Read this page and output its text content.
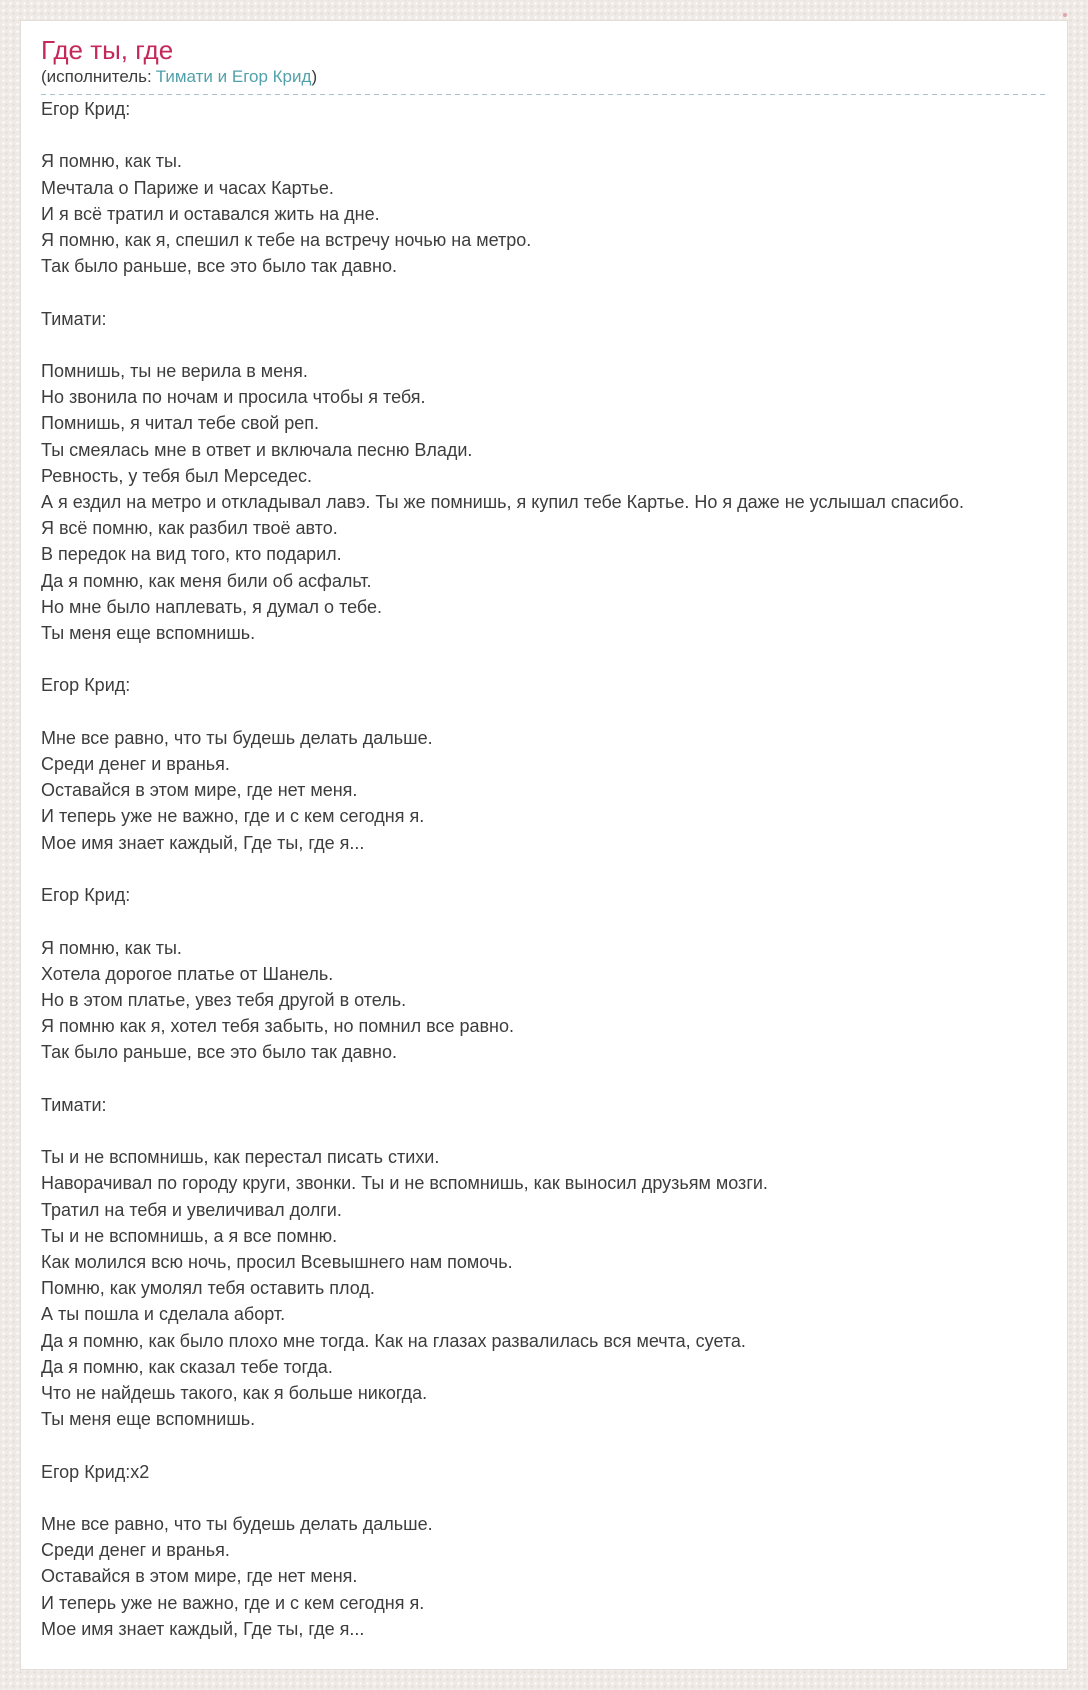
Где ты, где
(исполнитель: Тимати и Егор Крид)
Егор Крид:

Я помню, как ты.
Мечтала о Париже и часах Картье.
И я всё тратил и оставался жить на дне.
Я помню, как я, спешил к тебе на встречу ночью на метро.
Так было раньше, все это было так давно.

Тимати:

Помнишь, ты не верила в меня.
Но звонила по ночам и просила чтобы я тебя.
Помнишь, я читал тебе свой реп.
Ты смеялась мне в ответ и включала песню Влади.
Ревность, у тебя был Мерседес.
А я ездил на метро и откладывал лавэ. Ты же помнишь, я купил тебе Картье. Но я даже не услышал спасибо.
Я всё помню, как разбил твоё авто.
В передок на вид того, кто подарил.
Да я помню, как меня били об асфальт.
Но мне было наплевать, я думал о тебе.
Ты меня еще вспомнишь.

Егор Крид:

Мне все равно, что ты будешь делать дальше.
Среди денег и вранья.
Оставайся в этом мире, где нет меня.
И теперь уже не важно, где и с кем сегодня я.
Мое имя знает каждый, Где ты, где я...

Егор Крид:

Я помню, как ты.
Хотела дорогое платье от Шанель.
Но в этом платье, увез тебя другой в отель.
Я помню как я, хотел тебя забыть, но помнил все равно.
Так было раньше, все это было так давно.

Тимати:

Ты и не вспомнишь, как перестал писать стихи.
Наворачивал по городу круги, звонки. Ты и не вспомнишь, как выносил друзьям мозги.
Тратил на тебя и увеличивал долги.
Ты и не вспомнишь, а я все помню.
Как молился всю ночь, просил Всевышнего нам помочь.
Помню, как умолял тебя оставить плод.
А ты пошла и сделала аборт.
Да я помню, как было плохо мне тогда. Как на глазах развалилась вся мечта, суета.
Да я помню, как сказал тебе тогда.
Что не найдешь такого, как я больше никогда.
Ты меня еще вспомнишь.

Егор Крид:x2

Мне все равно, что ты будешь делать дальше.
Среди денег и вранья.
Оставайся в этом мире, где нет меня.
И теперь уже не важно, где и с кем сегодня я.
Мое имя знает каждый, Где ты, где я...
